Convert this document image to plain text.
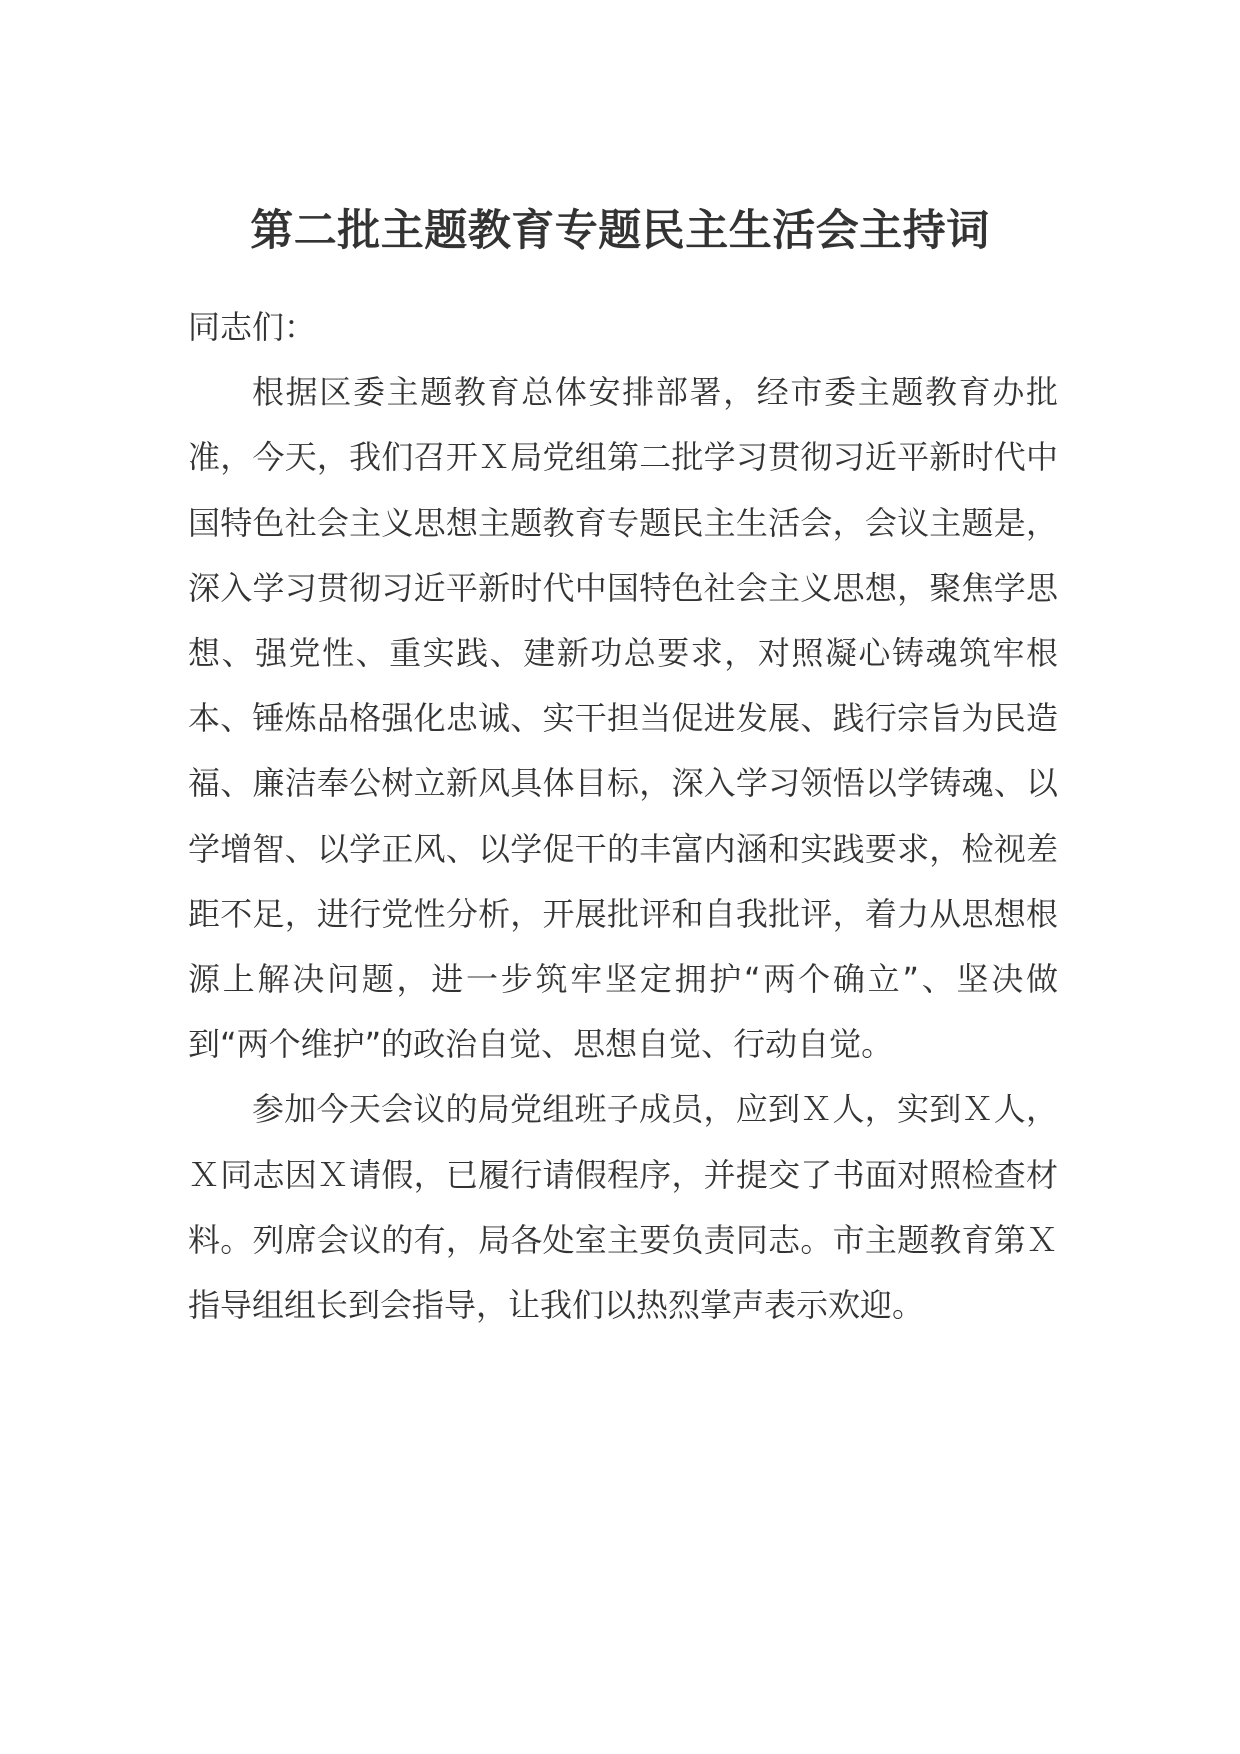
第二批主题教育专题民主生活会主持词

同志们：

根据区委主题教育总体安排部署，经市委主题教育办批准，今天，我们召开Ｘ局党组第二批学习贯彻习近平新时代中国特色社会主义思想主题教育专题民主生活会，会议主题是，深入学习贯彻习近平新时代中国特色社会主义思想，聚焦学思想、强党性、重实践、建新功总要求，对照凝心铸魂筑牢根本、锤炼品格强化忠诚、实干担当促进发展、践行宗旨为民造福、廉洁奉公树立新风具体目标，深入学习领悟以学铸魂、以学增智、以学正风、以学促干的丰富内涵和实践要求，检视差距不足，进行党性分析，开展批评和自我批评，着力从思想根源上解决问题，进一步筑牢坚定拥护“两个确立”、坚决做到“两个维护”的政治自觉、思想自觉、行动自觉。

参加今天会议的局党组班子成员，应到Ｘ人，实到Ｘ人，Ｘ同志因Ｘ请假，已履行请假程序，并提交了书面对照检查材料。列席会议的有，局各处室主要负责同志。市主题教育第Ｘ指导组组长到会指导，让我们以热烈掌声表示欢迎。
